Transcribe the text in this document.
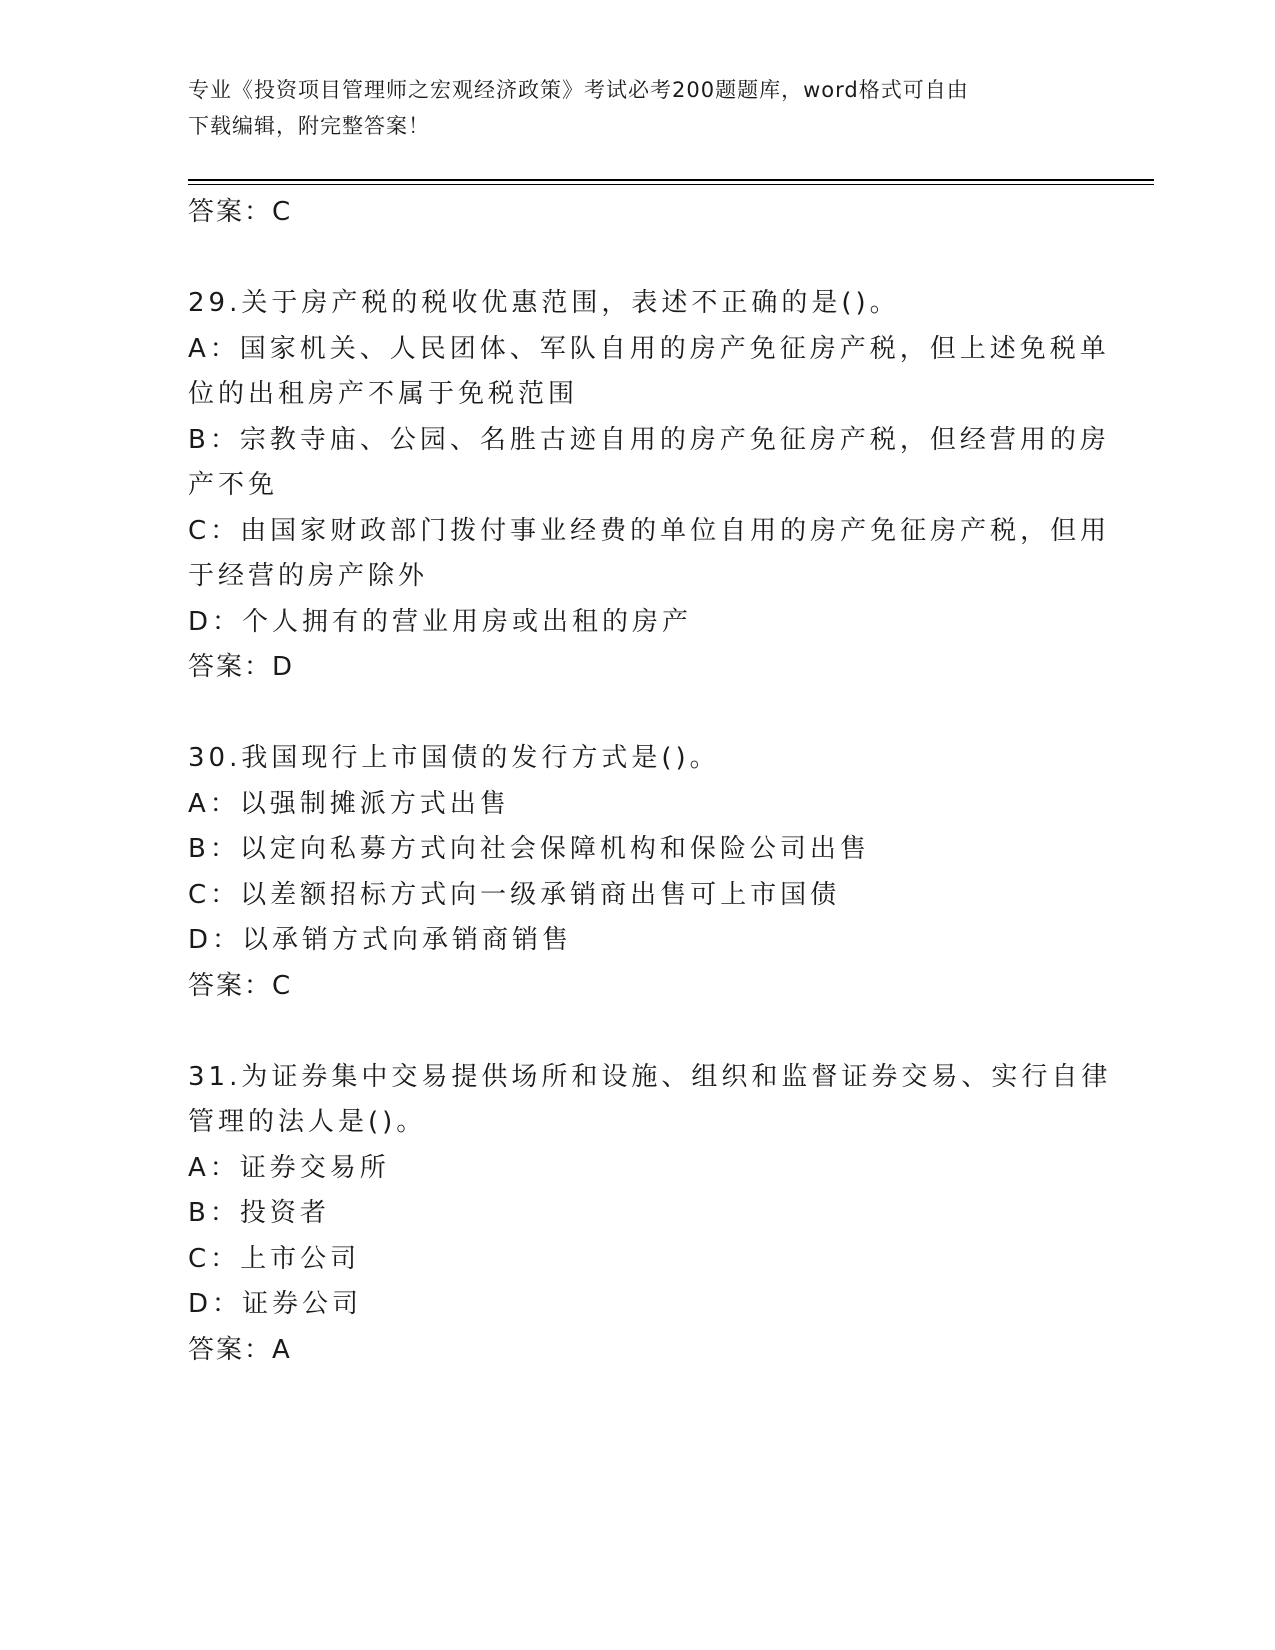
专业《投资项目管理师之宏观经济政策》考试必考200题题库，word格式可自由
下载编辑，附完整答案！
答案：C
29.关于房产税的税收优惠范围，表述不正确的是()。
A：国家机关、人民团体、军队自用的房产免征房产税，但上述免税单
位的出租房产不属于免税范围
B：宗教寺庙、公园、名胜古迹自用的房产免征房产税，但经营用的房
产不免
C：由国家财政部门拨付事业经费的单位自用的房产免征房产税，但用
于经营的房产除外
D：个人拥有的营业用房或出租的房产
答案：D
30.我国现行上市国债的发行方式是()。
A：以强制摊派方式出售
B：以定向私募方式向社会保障机构和保险公司出售
C：以差额招标方式向一级承销商出售可上市国债
D：以承销方式向承销商销售
答案：C
31.为证券集中交易提供场所和设施、组织和监督证券交易、实行自律
管理的法人是()。
A：证券交易所
B：投资者
C：上市公司
D：证券公司
答案：A
